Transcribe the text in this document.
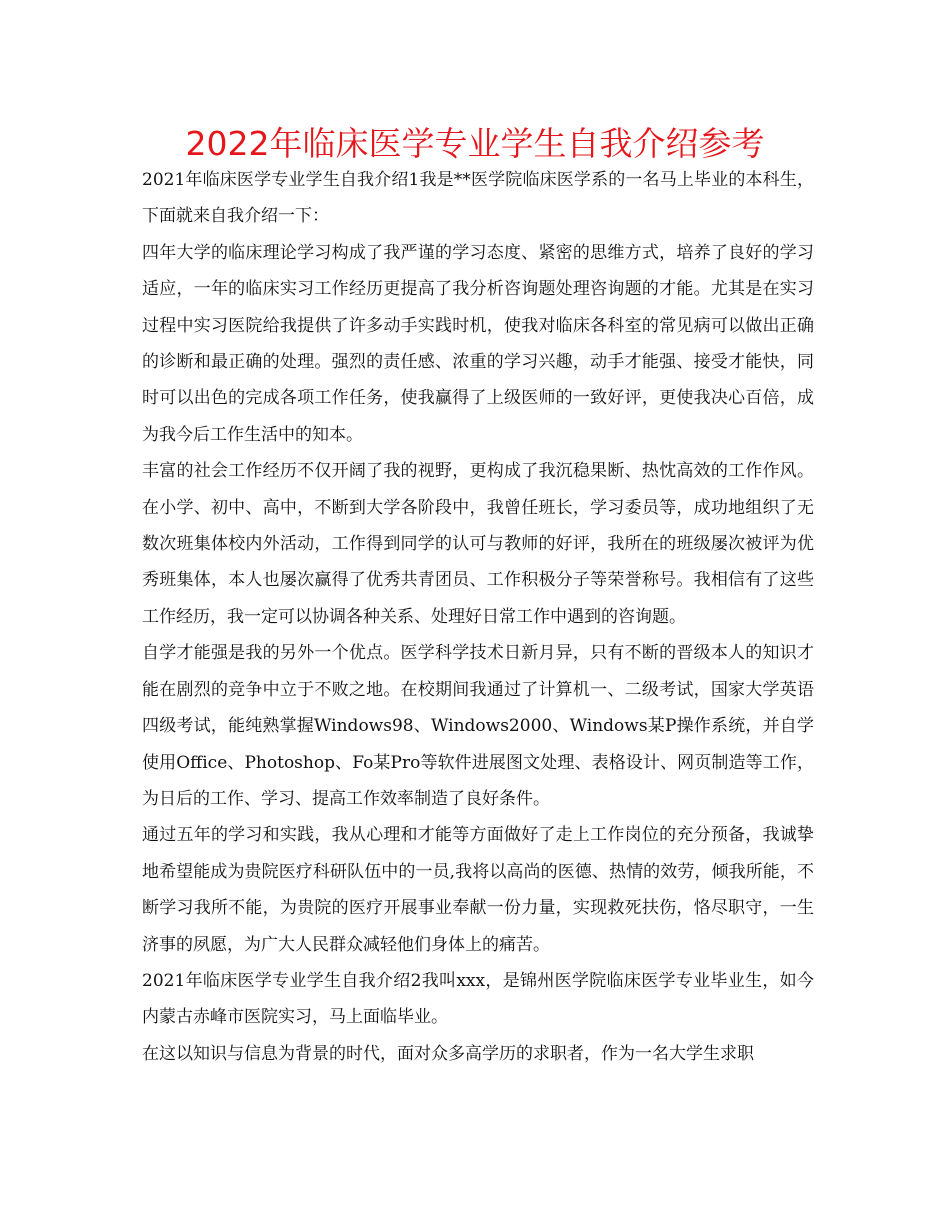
2022年临床医学专业学生自我介绍参考

2021年临床医学专业学生自我介绍1我是**医学院临床医学系的一名马上毕业的本科生，下面就来自我介绍一下：

四年大学的临床理论学习构成了我严谨的学习态度、紧密的思维方式，培养了良好的学习适应，一年的临床实习工作经历更提高了我分析咨询题处理咨询题的才能。尤其是在实习过程中实习医院给我提供了许多动手实践时机，使我对临床各科室的常见病可以做出正确的诊断和最正确的处理。强烈的责任感、浓重的学习兴趣，动手才能强、接受才能快，同时可以出色的完成各项工作任务，使我赢得了上级医师的一致好评，更使我决心百倍，成为我今后工作生活中的知本。

丰富的社会工作经历不仅开阔了我的视野，更构成了我沉稳果断、热忱高效的工作作风。在小学、初中、高中，不断到大学各阶段中，我曾任班长，学习委员等，成功地组织了无数次班集体校内外活动，工作得到同学的认可与教师的好评，我所在的班级屡次被评为优秀班集体，本人也屡次赢得了优秀共青团员、工作积极分子等荣誉称号。我相信有了这些工作经历，我一定可以协调各种关系、处理好日常工作中遇到的咨询题。

自学才能强是我的另外一个优点。医学科学技术日新月异，只有不断的晋级本人的知识才能在剧烈的竞争中立于不败之地。在校期间我通过了计算机一、二级考试，国家大学英语四级考试，能纯熟掌握Windows98、Windows2000、Windows某P操作系统，并自学使用Office、Photoshop、Fo某Pro等软件进展图文处理、表格设计、网页制造等工作，为日后的工作、学习、提高工作效率制造了良好条件。

通过五年的学习和实践，我从心理和才能等方面做好了走上工作岗位的充分预备，我诚挚地希望能成为贵院医疗科研队伍中的一员,我将以高尚的医德、热情的效劳，倾我所能，不断学习我所不能，为贵院的医疗开展事业奉献一份力量，实现救死扶伤，恪尽职守，一生济事的夙愿，为广大人民群众减轻他们身体上的痛苦。

2021年临床医学专业学生自我介绍2我叫xxx，是锦州医学院临床医学专业毕业生，如今内蒙古赤峰市医院实习，马上面临毕业。

在这以知识与信息为背景的时代，面对众多高学历的求职者，作为一名大学生求职
